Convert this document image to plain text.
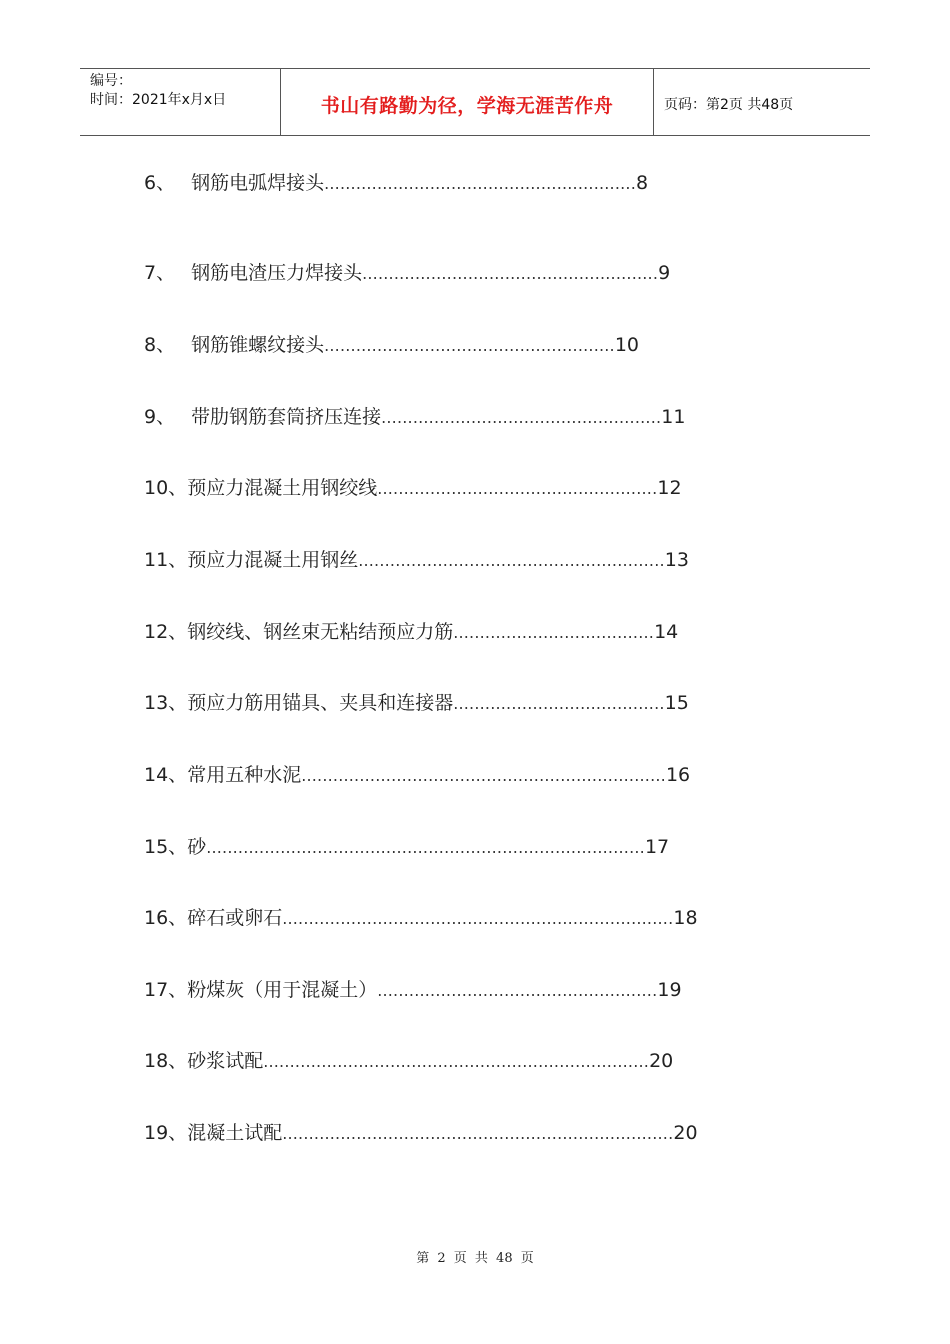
编号：
时间：2021年x月x日	书山有路勤为径，学海无涯苦作舟	页码：第2页 共48页
6、 钢筋电弧焊接头...........................................................8
7、 钢筋电渣压力焊接头........................................................9
8、 钢筋锥螺纹接头.......................................................10
9、 带肋钢筋套筒挤压连接.....................................................11
10、预应力混凝土用钢绞线.....................................................12
11、预应力混凝土用钢丝..........................................................13
12、钢绞线、钢丝束无粘结预应力筋......................................14
13、预应力筋用锚具、夹具和连接器........................................15
14、常用五种水泥.....................................................................16
15、砂...................................................................................17
16、碎石或卵石..........................................................................18
17、粉煤灰（用于混凝土）.....................................................19
18、砂浆试配.........................................................................20
19、混凝土试配..........................................................................20
第 2 页 共 48 页
